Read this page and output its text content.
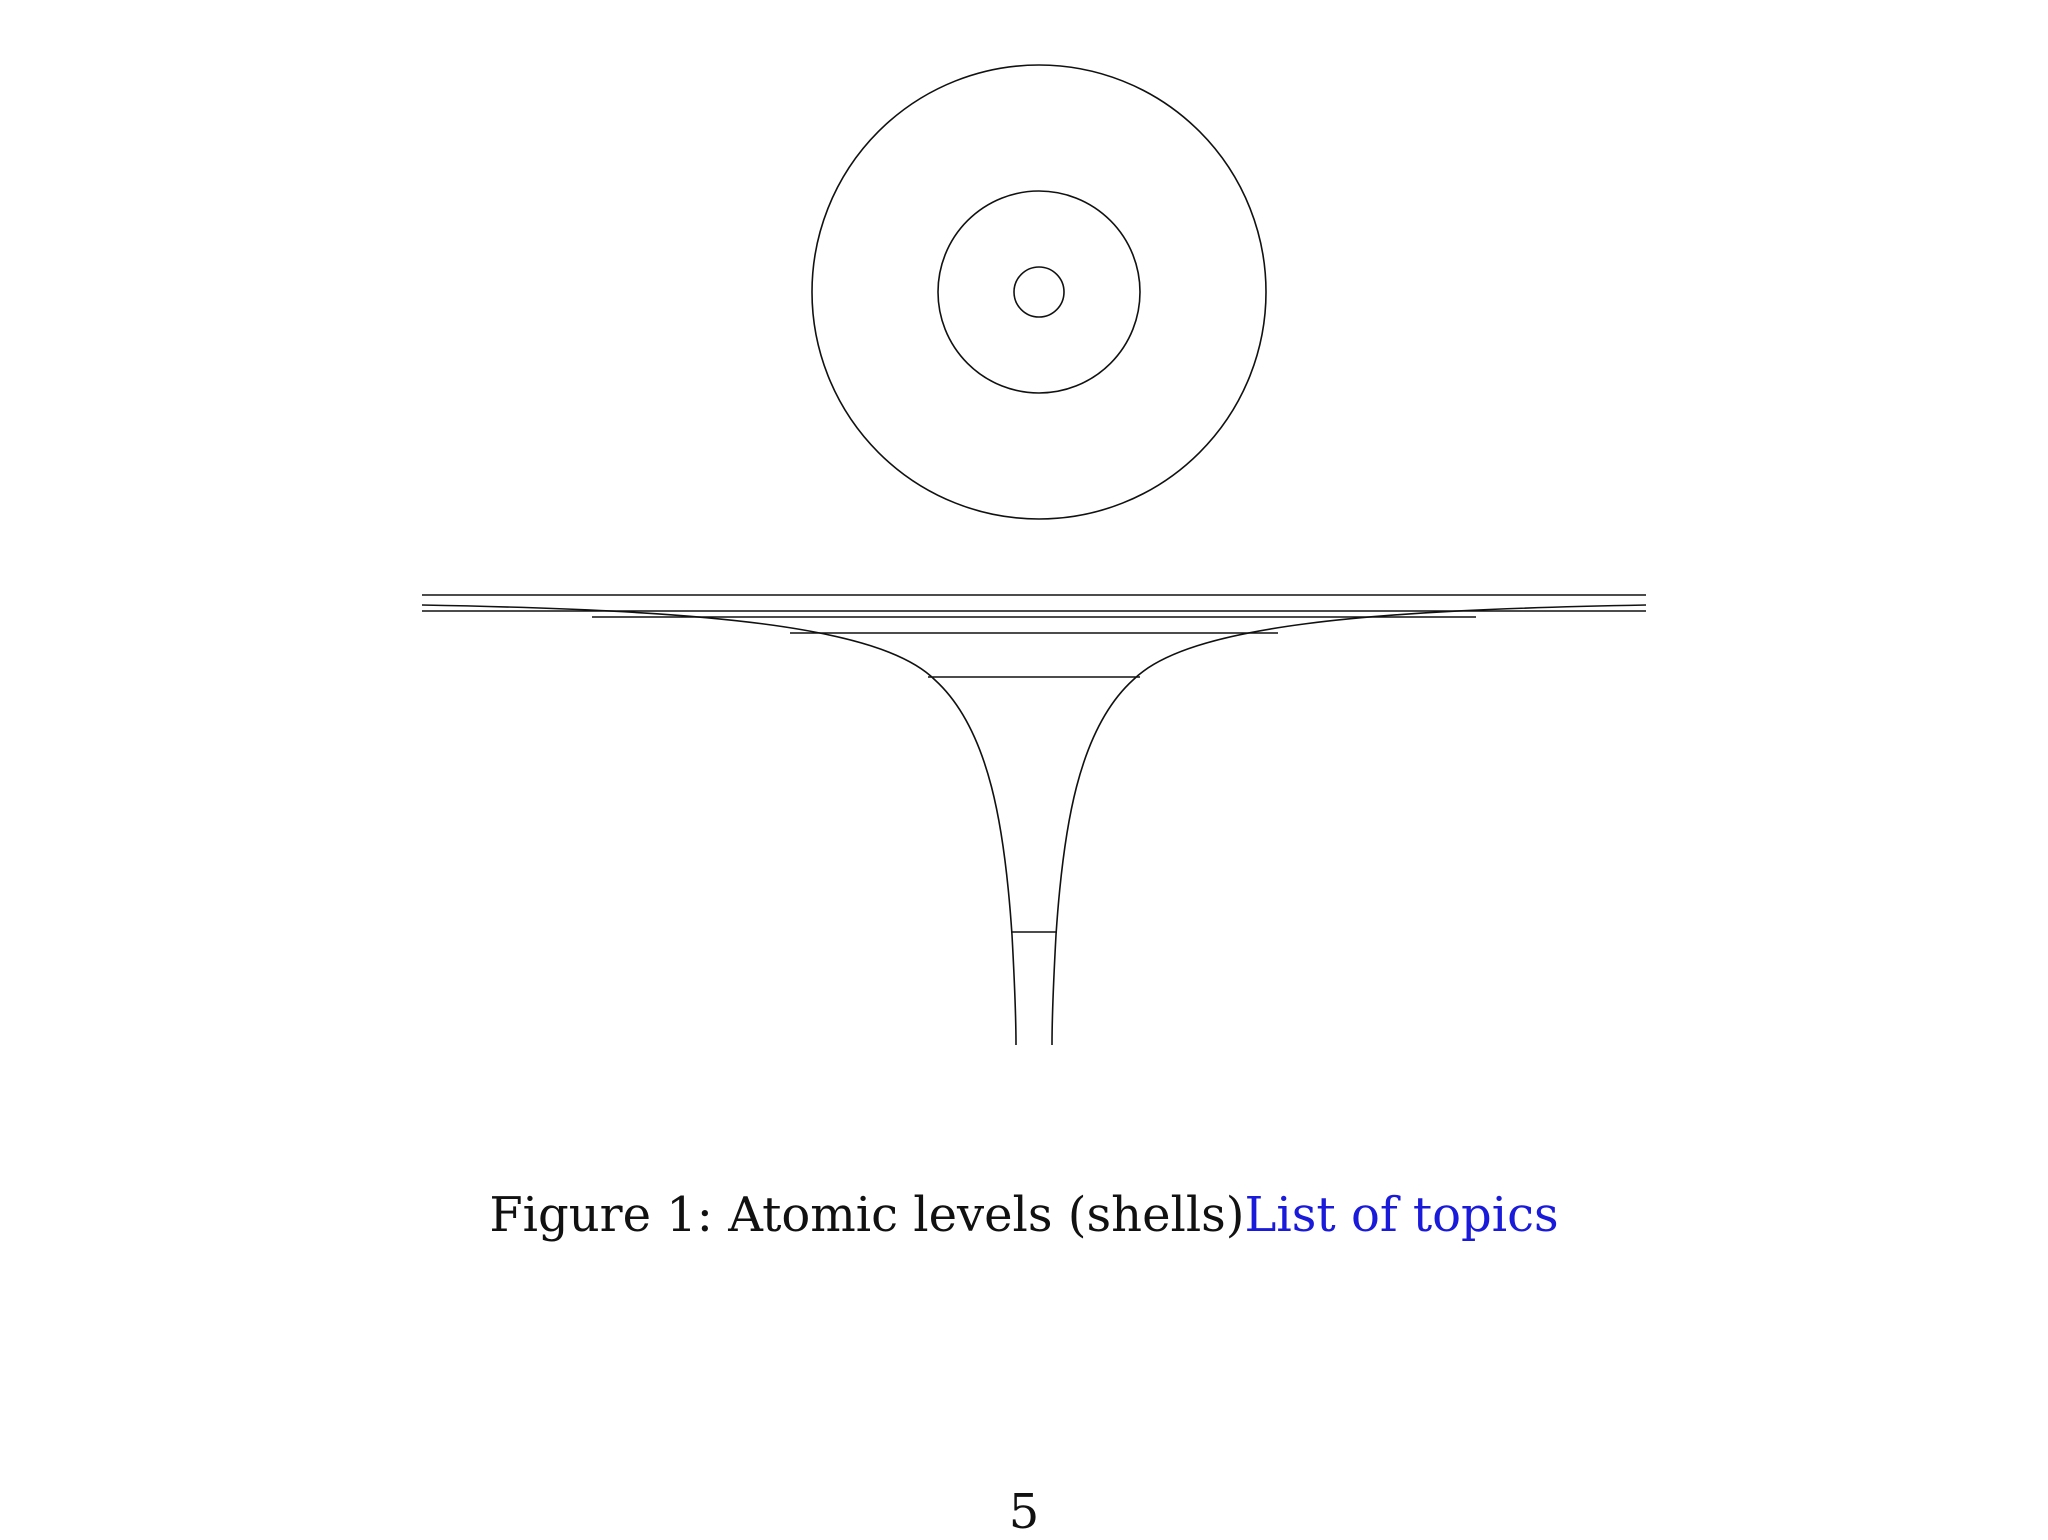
Figure 1: Atomic levels (shells)List of topics
5
